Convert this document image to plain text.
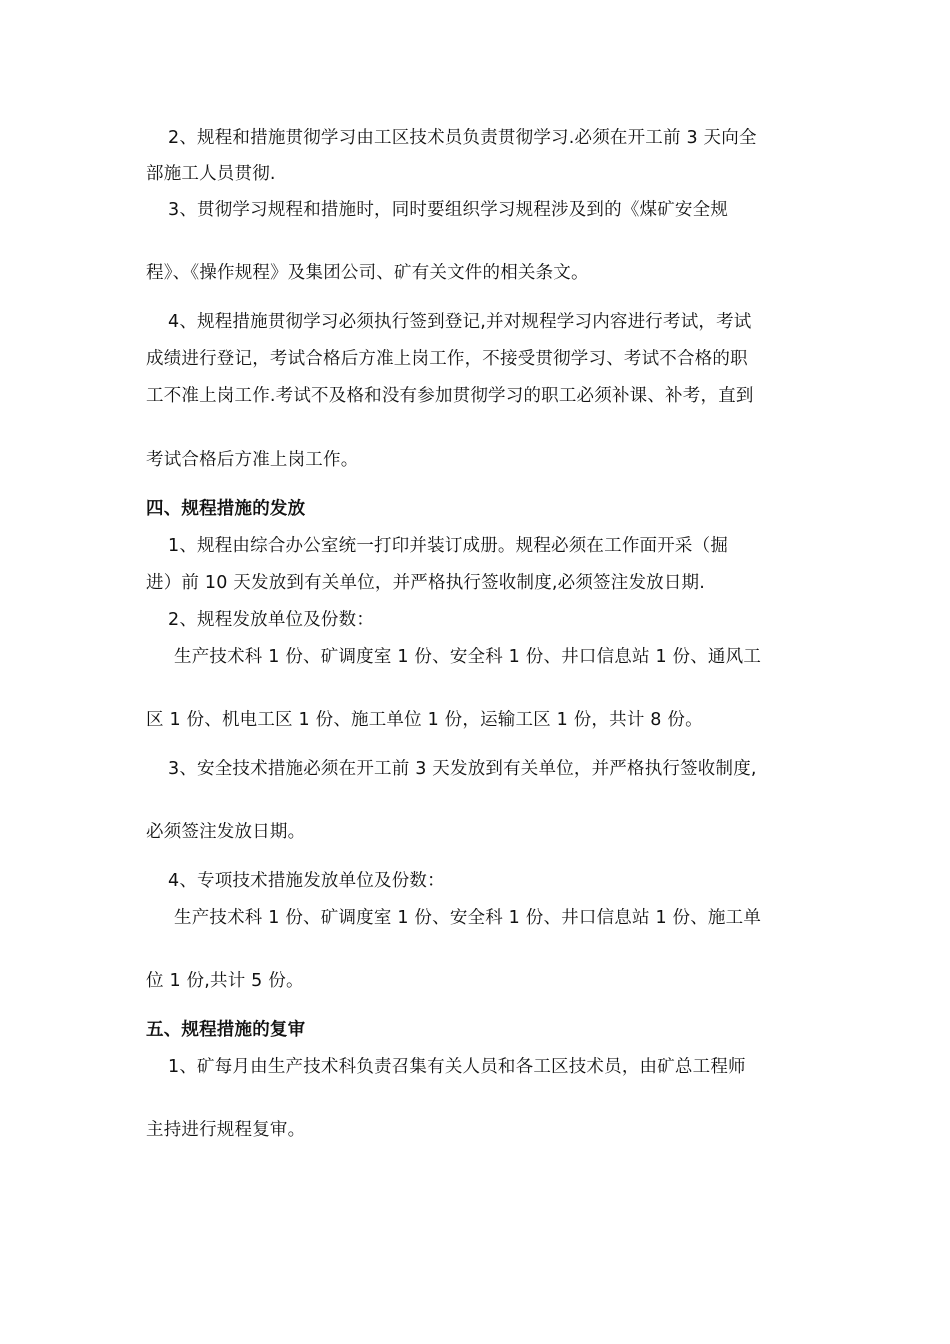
2、规程和措施贯彻学习由工区技术员负责贯彻学习.必须在开工前 3 天向全
部施工人员贯彻.
3、贯彻学习规程和措施时，同时要组织学习规程涉及到的《煤矿安全规
程》、《操作规程》及集团公司、矿有关文件的相关条文。
4、规程措施贯彻学习必须执行签到登记,并对规程学习内容进行考试，考试
成绩进行登记，考试合格后方准上岗工作，不接受贯彻学习、考试不合格的职
工不准上岗工作.考试不及格和没有参加贯彻学习的职工必须补课、补考，直到
考试合格后方准上岗工作。
四、规程措施的发放
1、规程由综合办公室统一打印并装订成册。规程必须在工作面开采（掘
进）前 10 天发放到有关单位，并严格执行签收制度,必须签注发放日期.
2、规程发放单位及份数：
生产技术科 1 份、矿调度室 1 份、安全科 1 份、井口信息站 1 份、通风工
区 1 份、机电工区 1 份、施工单位 1 份，运输工区 1 份，共计 8 份。
3、安全技术措施必须在开工前 3 天发放到有关单位，并严格执行签收制度,
必须签注发放日期。
4、专项技术措施发放单位及份数：
生产技术科 1 份、矿调度室 1 份、安全科 1 份、井口信息站 1 份、施工单
位 1 份,共计 5 份。
五、规程措施的复审
1、矿每月由生产技术科负责召集有关人员和各工区技术员，由矿总工程师
主持进行规程复审。
